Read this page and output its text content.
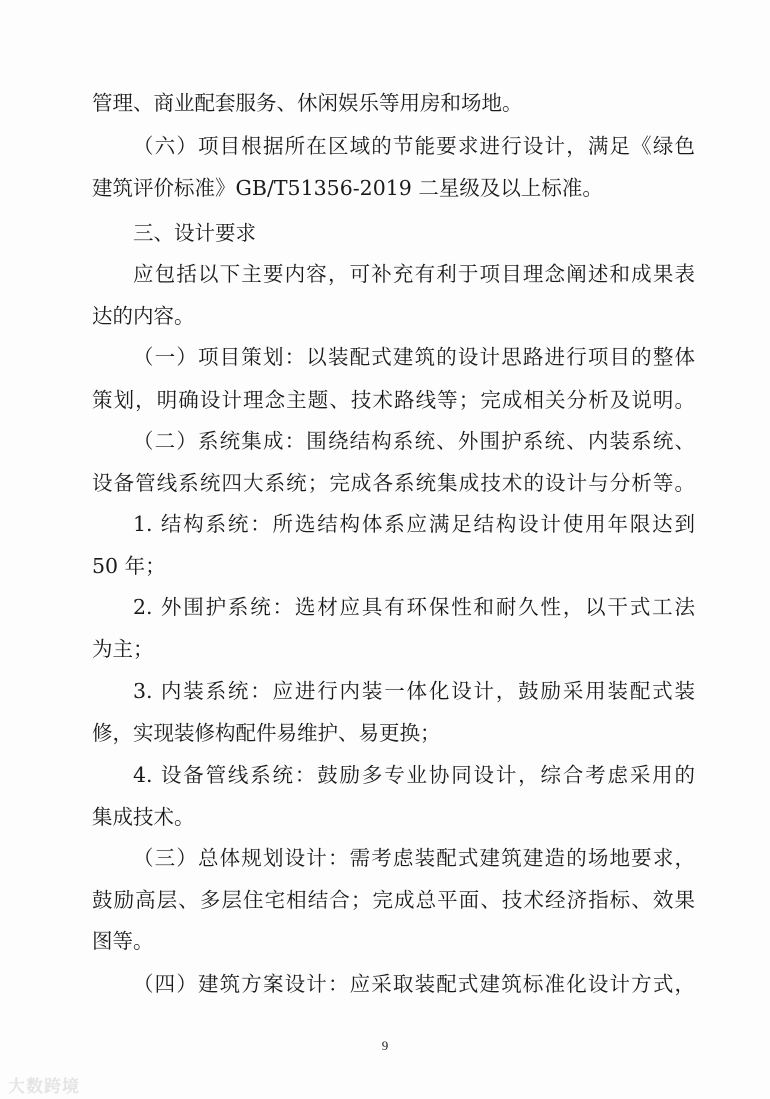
管理、商业配套服务、休闲娱乐等用房和场地。
（六）项目根据所在区域的节能要求进行设计，满足《绿色
建筑评价标准》GB/T51356-2019 二星级及以上标准。
三、设计要求
应包括以下主要内容，可补充有利于项目理念阐述和成果表
达的内容。
（一）项目策划：以装配式建筑的设计思路进行项目的整体
策划，明确设计理念主题、技术路线等；完成相关分析及说明。
（二）系统集成：围绕结构系统、外围护系统、内装系统、
设备管线系统四大系统；完成各系统集成技术的设计与分析等。
1. 结构系统：所选结构体系应满足结构设计使用年限达到
50 年；
2. 外围护系统：选材应具有环保性和耐久性，以干式工法
为主；
3. 内装系统：应进行内装一体化设计，鼓励采用装配式装
修，实现装修构配件易维护、易更换；
4. 设备管线系统：鼓励多专业协同设计，综合考虑采用的
集成技术。
（三）总体规划设计：需考虑装配式建筑建造的场地要求，
鼓励高层、多层住宅相结合；完成总平面、技术经济指标、效果
图等。
（四）建筑方案设计：应采取装配式建筑标准化设计方式，
9
大数跨境
